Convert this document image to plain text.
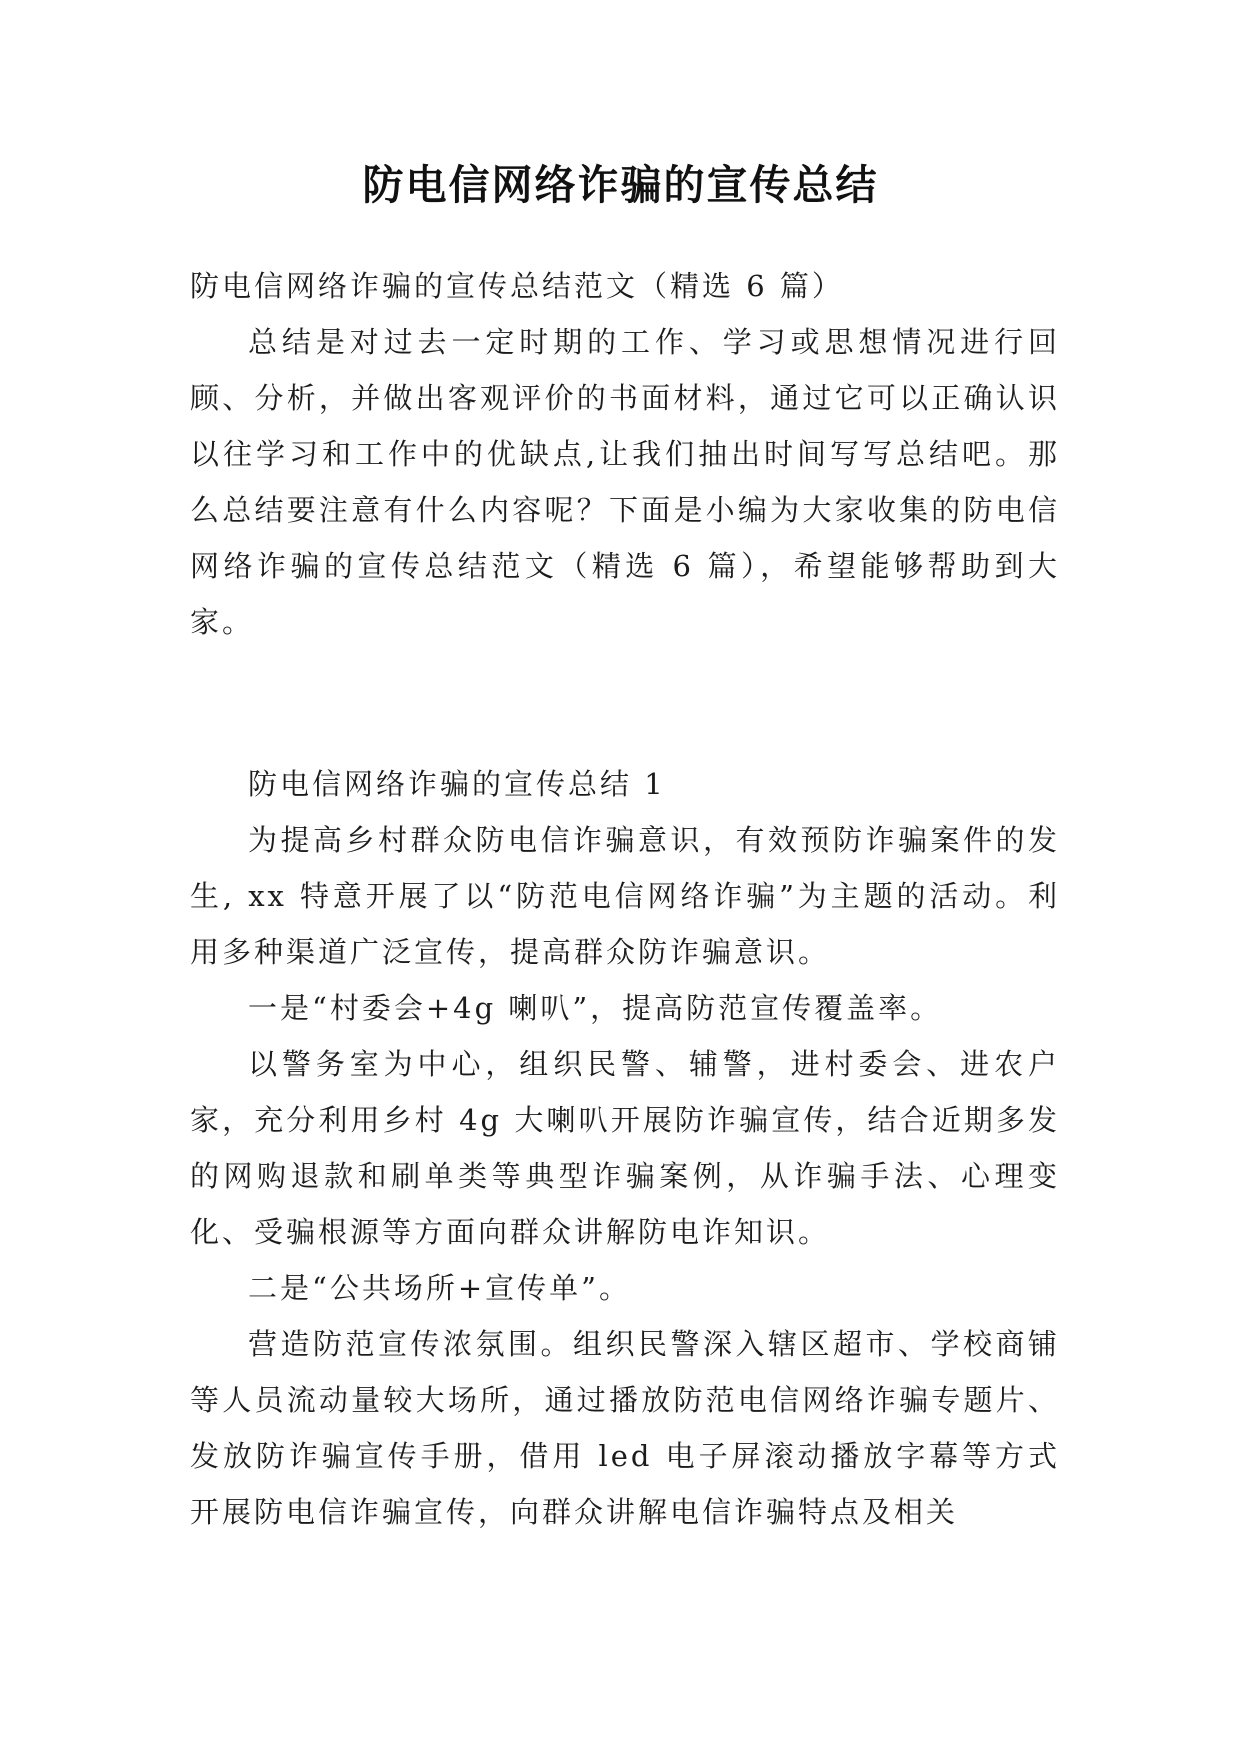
防电信网络诈骗的宣传总结

防电信网络诈骗的宣传总结范文（精选 6 篇）

总结是对过去一定时期的工作、学习或思想情况进行回顾、分析，并做出客观评价的书面材料，通过它可以正确认识以往学习和工作中的优缺点,让我们抽出时间写写总结吧。那么总结要注意有什么内容呢？下面是小编为大家收集的防电信网络诈骗的宣传总结范文（精选 6 篇），希望能够帮助到大家。

防电信网络诈骗的宣传总结 1

为提高乡村群众防电信诈骗意识，有效预防诈骗案件的发生, xx 特意开展了以“防范电信网络诈骗”为主题的活动。利用多种渠道广泛宣传，提高群众防诈骗意识。

一是“村委会+4g 喇叭”，提高防范宣传覆盖率。

以警务室为中心，组织民警、辅警，进村委会、进农户家，充分利用乡村 4g 大喇叭开展防诈骗宣传，结合近期多发的网购退款和刷单类等典型诈骗案例，从诈骗手法、心理变化、受骗根源等方面向群众讲解防电诈知识。

二是“公共场所+宣传单”。

营造防范宣传浓氛围。组织民警深入辖区超市、学校商铺等人员流动量较大场所，通过播放防范电信网络诈骗专题片、发放防诈骗宣传手册，借用 led 电子屏滚动播放字幕等方式开展防电信诈骗宣传，向群众讲解电信诈骗特点及相关
